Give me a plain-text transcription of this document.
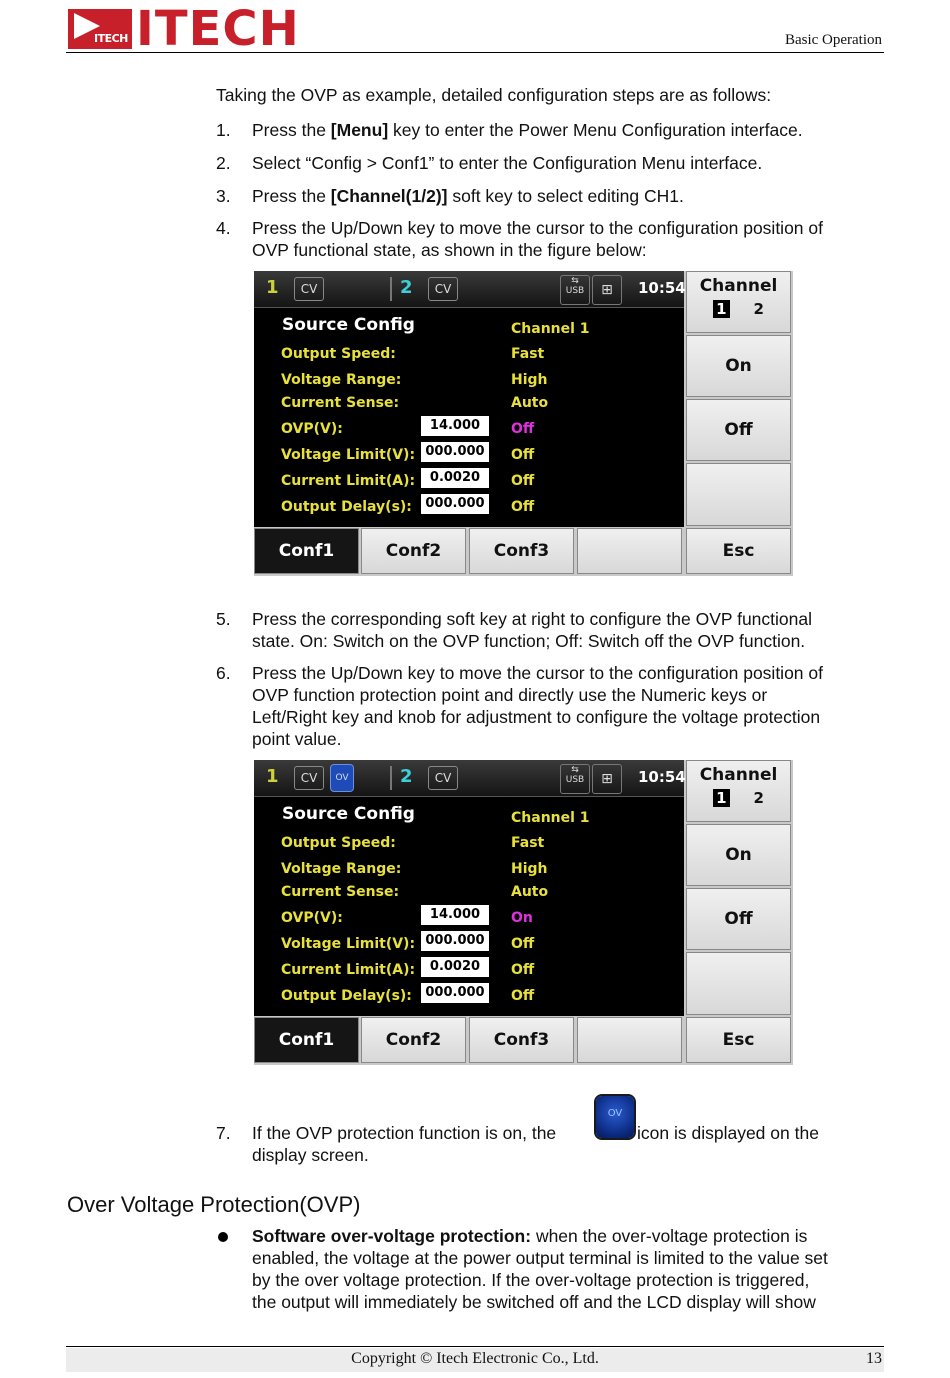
ITECH ITECH	Basic Operation
Taking the OVP as example, detailed configuration steps are as follows:
1. Press the [Menu] key to enter the Power Menu Configuration interface.
2. Select “Config > Conf1” to enter the Configuration Menu interface.
3. Press the [Channel(1/2)] soft key to select editing CH1.
4. Press the Up/Down key to move the cursor to the configuration position of
OVP functional state, as shown in the figure below:
1	CV	2	CV
⇆
USB	⊞	10:54
Source Config	Channel 1
Output Speed:	Fast
Voltage Range:	High
Current Sense:	Auto
OVP(V):	14.000	Off
Voltage Limit(V): 000.000	Off
Current Limit(A):	0.0020	Off
Output Delay(s):	000.000	Off
Channel
1 2
On
Off
Conf1	Conf2	Conf3	Esc
5. Press the corresponding soft key at right to configure the OVP functional
state. On: Switch on the OVP function; Off: Switch off the OVP function.
6. Press the Up/Down key to move the cursor to the configuration position of
OVP function protection point and directly use the Numeric keys or
Left/Right key and knob for adjustment to configure the voltage protection
point value.
1	CV	OV	2	CV
⇆
USB	⊞	10:54
Source Config	Channel 1
Output Speed:	Fast
Voltage Range:	High
Current Sense:	Auto
OVP(V):	14.000	On
Voltage Limit(V): 000.000	Off
Current Limit(A):	0.0020	Off
Output Delay(s):	000.000	Off
Channel
1 2
On
Off
Conf1	Conf2	Conf3	Esc
7. If the OVP protection function is on, the
OV
icon is displayed on the
display screen.
Over Voltage Protection(OVP)
Software over-voltage protection: when the over-voltage protection is
enabled, the voltage at the power output terminal is limited to the value set
by the over voltage protection. If the over-voltage protection is triggered,
the output will immediately be switched off and the LCD display will show
Copyright © Itech Electronic Co., Ltd.	13
